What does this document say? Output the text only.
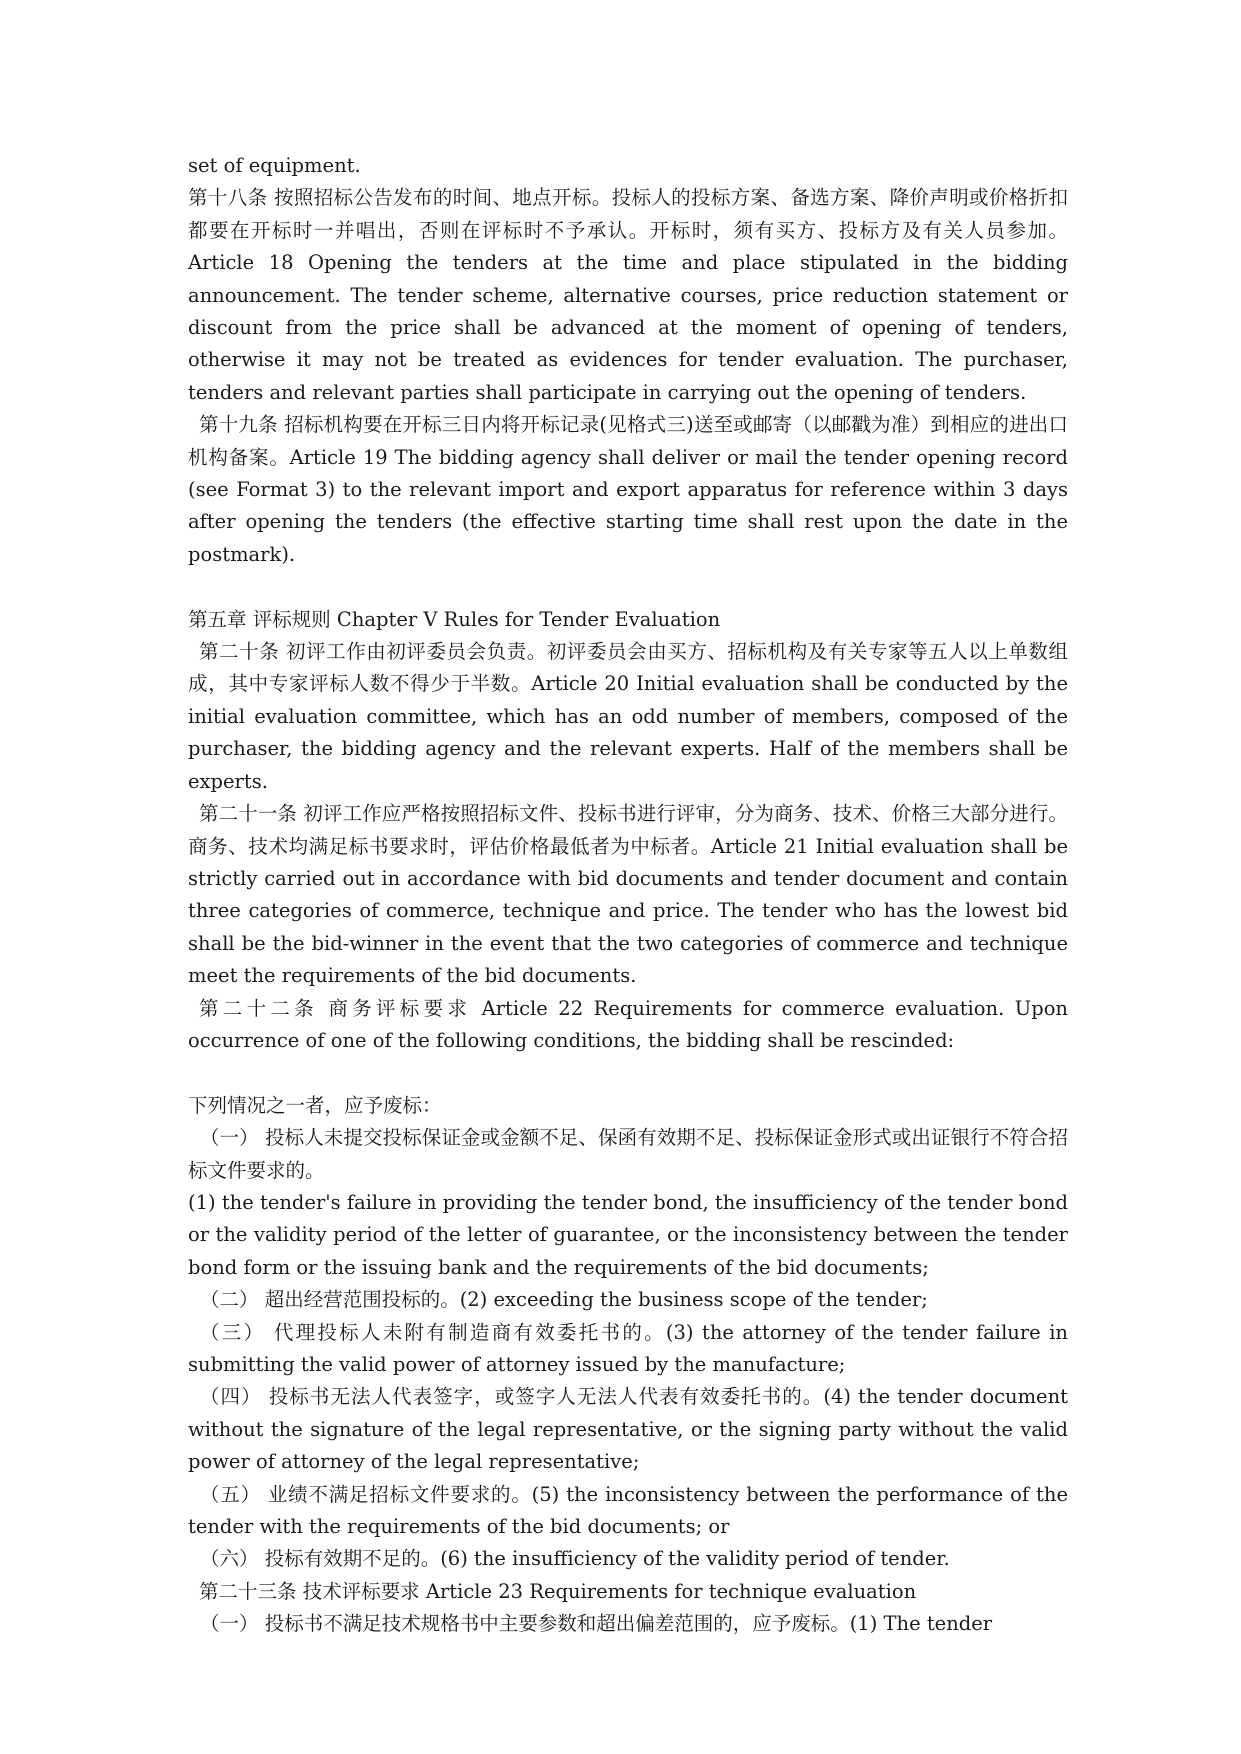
set of equipment.

第十八条 按照招标公告发布的时间、地点开标。投标人的投标方案、备选方案、降价声明或价格折扣都要在开标时一并唱出，否则在评标时不予承认。开标时，须有买方、投标方及有关人员参加。 Article 18 Opening the tenders at the time and place stipulated in the bidding announcement. The tender scheme, alternative courses, price reduction statement or discount from the price shall be advanced at the moment of opening of tenders, otherwise it may not be treated as evidences for tender evaluation. The purchaser, tenders and relevant parties shall participate in carrying out the opening of tenders.

第十九条 招标机构要在开标三日内将开标记录(见格式三)送至或邮寄（以邮戳为准）到相应的进出口机构备案。Article 19 The bidding agency shall deliver or mail the tender opening record (see Format 3) to the relevant import and export apparatus for reference within 3 days after opening the tenders (the effective starting time shall rest upon the date in the postmark).

第五章 评标规则 Chapter V Rules for Tender Evaluation

第二十条 初评工作由初评委员会负责。初评委员会由买方、招标机构及有关专家等五人以上单数组成，其中专家评标人数不得少于半数。Article 20 Initial evaluation shall be conducted by the initial evaluation committee, which has an odd number of members, composed of the purchaser, the bidding agency and the relevant experts. Half of the members shall be experts.

第二十一条 初评工作应严格按照招标文件、投标书进行评审，分为商务、技术、价格三大部分进行。商务、技术均满足标书要求时，评估价格最低者为中标者。Article 21 Initial evaluation shall be strictly carried out in accordance with bid documents and tender document and contain three categories of commerce, technique and price. The tender who has the lowest bid shall be the bid-winner in the event that the two categories of commerce and technique meet the requirements of the bid documents.

第二十二条 商务评标要求 Article 22 Requirements for commerce evaluation. Upon occurrence of one of the following conditions, the bidding shall be rescinded:

下列情况之一者，应予废标：

（一） 投标人未提交投标保证金或金额不足、保函有效期不足、投标保证金形式或出证银行不符合招标文件要求的。

(1) the tender's failure in providing the tender bond, the insufficiency of the tender bond or the validity period of the letter of guarantee, or the inconsistency between the tender bond form or the issuing bank and the requirements of the bid documents;

（二） 超出经营范围投标的。(2) exceeding the business scope of the tender;

（三） 代理投标人未附有制造商有效委托书的。(3) the attorney of the tender failure in submitting the valid power of attorney issued by the manufacture;

（四） 投标书无法人代表签字，或签字人无法人代表有效委托书的。(4) the tender document without the signature of the legal representative, or the signing party without the valid power of attorney of the legal representative;

（五） 业绩不满足招标文件要求的。(5) the inconsistency between the performance of the tender with the requirements of the bid documents; or

（六） 投标有效期不足的。(6) the insufficiency of the validity period of tender.

第二十三条 技术评标要求 Article 23 Requirements for technique evaluation

（一） 投标书不满足技术规格书中主要参数和超出偏差范围的，应予废标。(1) The tender
